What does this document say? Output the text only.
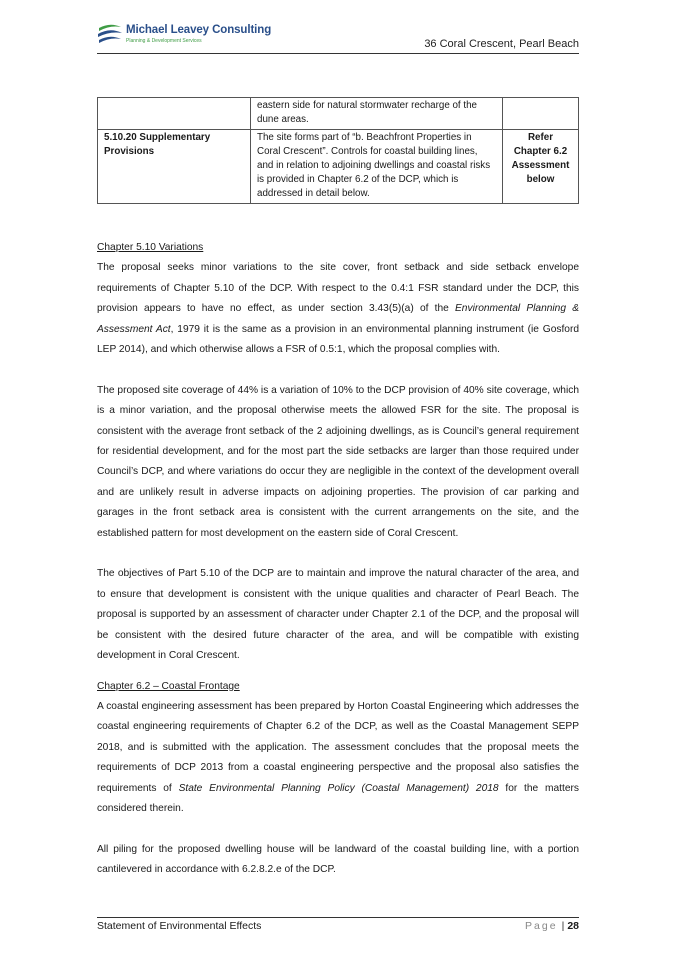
Michael Leavey Consulting
Planning & Development Services	36 Coral Crescent, Pearl Beach
	eastern side for natural stormwater recharge of the dune areas.	
5.10.20 Supplementary Provisions	The site forms part of “b. Beachfront Properties in Coral Crescent”. Controls for coastal building lines, and in relation to adjoining dwellings and coastal risks is provided in Chapter 6.2 of the DCP, which is addressed in detail below.	Refer Chapter 6.2 Assessment below
Chapter 5.10 Variations

The proposal seeks minor variations to the site cover, front setback and side setback envelope requirements of Chapter 5.10 of the DCP. With respect to the 0.4:1 FSR standard under the DCP, this provision appears to have no effect, as under section 3.43(5)(a) of the Environmental Planning & Assessment Act, 1979 it is the same as a provision in an environmental planning instrument (ie Gosford LEP 2014), and which otherwise allows a FSR of 0.5:1, which the proposal complies with.

The proposed site coverage of 44% is a variation of 10% to the DCP provision of 40% site coverage, which is a minor variation, and the proposal otherwise meets the allowed FSR for the site. The proposal is consistent with the average front setback of the 2 adjoining dwellings, as is Council’s general requirement for residential development, and for the most part the side setbacks are larger than those required under Council’s DCP, and where variations do occur they are negligible in the context of the development overall and are unlikely result in adverse impacts on adjoining properties. The provision of car parking and garages in the front setback area is consistent with the current arrangements on the site, and the established pattern for most development on the eastern side of Coral Crescent.

The objectives of Part 5.10 of the DCP are to maintain and improve the natural character of the area, and to ensure that development is consistent with the unique qualities and character of Pearl Beach. The proposal is supported by an assessment of character under Chapter 2.1 of the DCP, and the proposal will be consistent with the desired future character of the area, and will be compatible with existing development in Coral Crescent.

Chapter 6.2 – Coastal Frontage

A coastal engineering assessment has been prepared by Horton Coastal Engineering which addresses the coastal engineering requirements of Chapter 6.2 of the DCP, as well as the Coastal Management SEPP 2018, and is submitted with the application. The assessment concludes that the proposal meets the requirements of DCP 2013 from a coastal engineering perspective and the proposal also satisfies the requirements of State Environmental Planning Policy (Coastal Management) 2018 for the matters considered therein.

All piling for the proposed dwelling house will be landward of the coastal building line, with a portion cantilevered in accordance with 6.2.8.2.e of the DCP.

Statement of Environmental Effects	Page | 28
